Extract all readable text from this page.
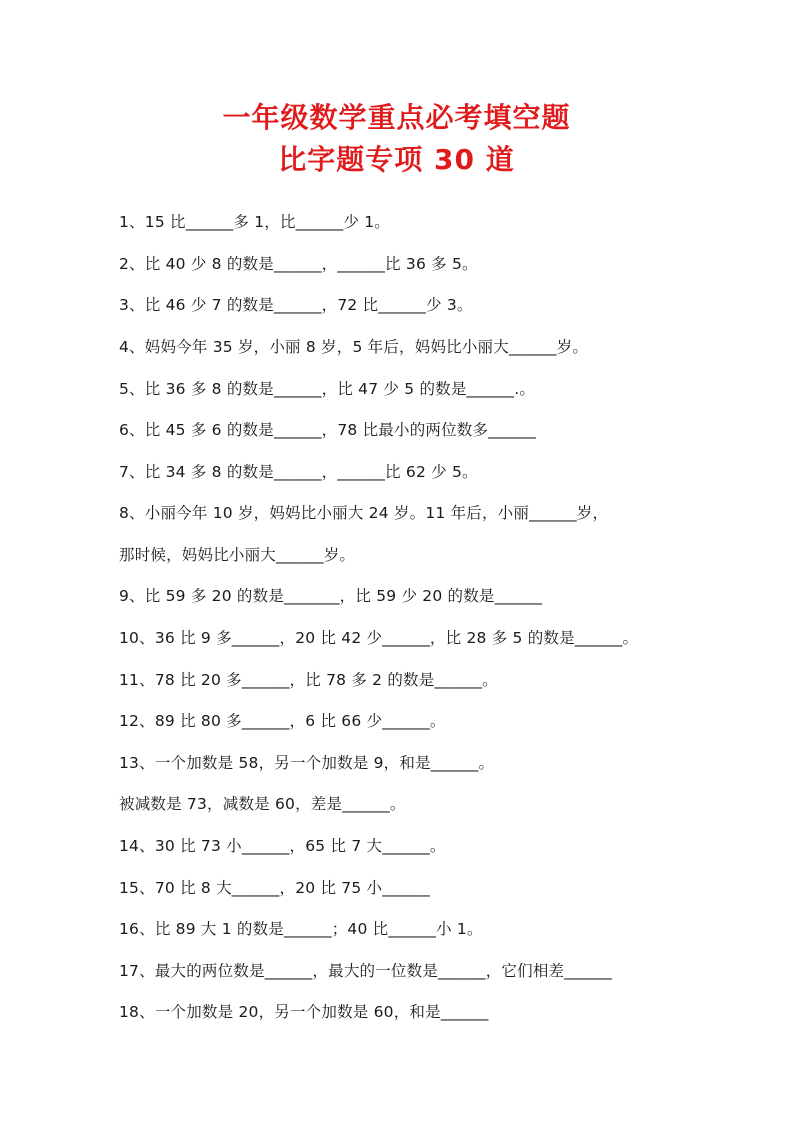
一年级数学重点必考填空题
比字题专项 30 道
1、15 比______多 1，比______少 1。
2、比 40 少 8 的数是______，______比 36 多 5。
3、比 46 少 7 的数是______，72 比______少 3。
4、妈妈今年 35 岁，小丽 8 岁，5 年后，妈妈比小丽大______岁。
5、比 36 多 8 的数是______，比 47 少 5 的数是______.。
6、比 45 多 6 的数是______，78 比最小的两位数多______
7、比 34 多 8 的数是______，______比 62 少 5。
8、小丽今年 10 岁，妈妈比小丽大 24 岁。11 年后，小丽______岁，
那时候，妈妈比小丽大______岁。
9、比 59 多 20 的数是_______，比 59 少 20 的数是______
10、36 比 9 多______，20 比 42 少______，比 28 多 5 的数是______。
11、78 比 20 多______，比 78 多 2 的数是______。
12、89 比 80 多______，6 比 66 少______。
13、一个加数是 58，另一个加数是 9，和是______。
被减数是 73，减数是 60，差是______。
14、30 比 73 小______，65 比 7 大______。
15、70 比 8 大______，20 比 75 小______
16、比 89 大 1 的数是______；40 比______小 1。
17、最大的两位数是______，最大的一位数是______，它们相差______
18、一个加数是 20，另一个加数是 60，和是______
